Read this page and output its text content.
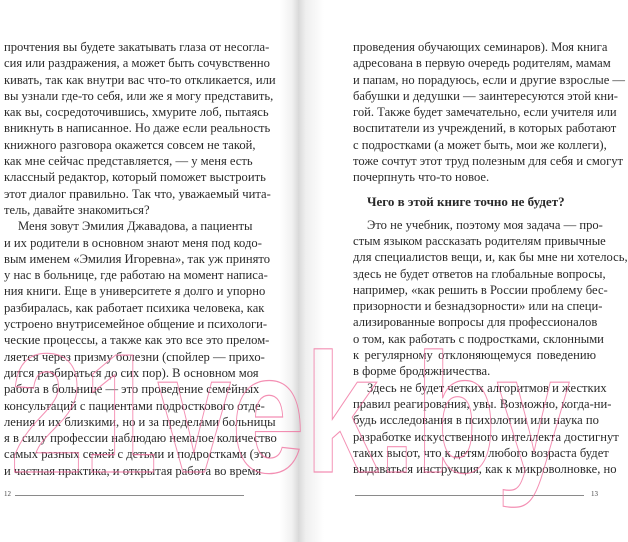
прочтения вы будете закатывать глаза от несогла-
сия или раздражения, а может быть сочувственно
кивать, так как внутри вас что-то откликается, или
вы узнали где-то себя, или же я могу представить,
как вы, сосредоточившись, хмурите лоб, пытаясь
вникнуть в написанное. Но даже если реальность
книжного разговора окажется совсем не такой,
как мне сейчас представляется, — у меня есть
классный редактор, который поможет выстроить
этот диалог правильно. Так что, уважаемый чита-
тель, давайте знакомиться?
Меня зовут Эмилия Джавадова, а пациенты
и их родители в основном знают меня под кодо-
вым именем «Эмилия Игоревна», так уж принято
у нас в больнице, где работаю на момент написа-
ния книги. Еще в университете я долго и упорно
разбиралась, как работает психика человека, как
устроено внутрисемейное общение и психологи-
ческие процессы, а также как это все это прелом-
ляется через призму болезни (спойлер — прихо-
дится разбираться до сих пор). В основном моя
работа в больнице — это проведение семейных
консультаций с пациентами подросткового отде-
ления и их близкими, но и за пределами больницы
я в силу профессии наблюдаю немалое количество
самых разных семей с детьми и подростками (это
и частная практика, и открытая работа во время
12
проведения обучающих семинаров). Моя книга
адресована в первую очередь родителям, мамам
и папам, но порадуюсь, если и другие взрослые —
бабушки и дедушки — заинтересуются этой кни-
гой. Также будет замечательно, если учителя или
воспитатели из учреждений, в которых работают
с подростками (а может быть, мои же коллеги),
тоже сочтут этот труд полезным для себя и смогут
почерпнуть что-то новое.
Чего в этой книге точно не будет?
Это не учебник, поэтому моя задача — про-
стым языком рассказать родителям привычные
для специалистов вещи, и, как бы мне ни хотелось,
здесь не будет ответов на глобальные вопросы,
например, «как решить в России проблему бес-
призорности и безнадзорности» или на специ-
ализированные вопросы для профессионалов
о том, как работать с подростками, склонными
к регулярному отклоняющемуся поведению
в форме бродяжничества.
Здесь не будет четких алгоритмов и жестких
правил реагирования, увы. Возможно, когда-ни-
будь исследования в психологии или наука по
разработке искусственного интеллекта достигнут
таких высот, что к детям любого возраста будет
выдаваться инструкция, как к микроволновке, но
13
21vek.by
